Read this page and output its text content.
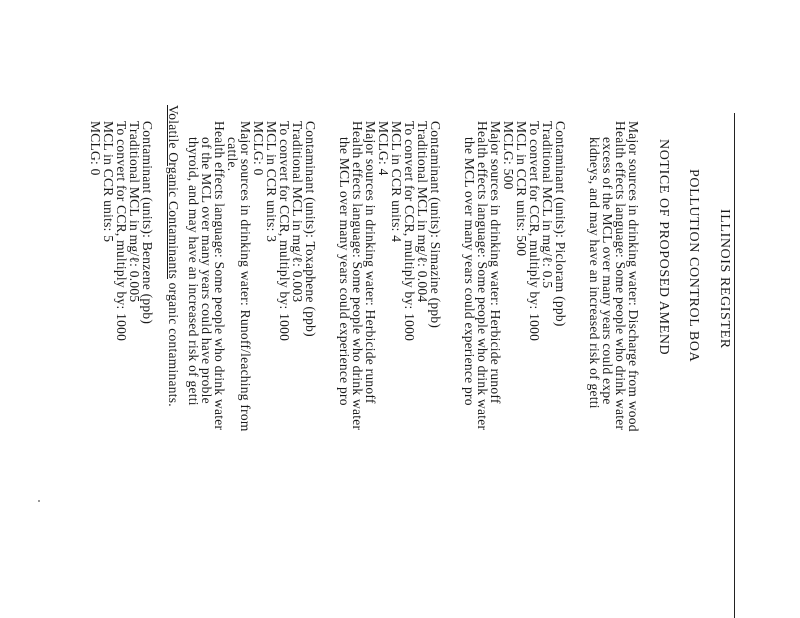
ILLINOIS REGISTER
POLLUTION CONTROL BOA
NOTICE OF PROPOSED AMEND
Major sources in drinking water: Discharge from wood
Health effects language: Some people who drink water
excess of the MCL over many years could expe
kidneys, and may have an increased risk of getti
Contaminant (units): Picloram (ppb)
Traditional MCL in mg/ℓ: 0.5
To convert for CCR, multiply by: 1000
MCL in CCR units: 500
MCLG: 500
Major sources in drinking water: Herbicide runoff
Health effects language: Some people who drink water
the MCL over many years could experience pro
Contaminant (units): Simazine (ppb)
Traditional MCL in mg/ℓ: 0.004
To convert for CCR, multiply by: 1000
MCL in CCR units: 4
MCLG: 4
Major sources in drinking water: Herbicide runoff
Health effects language: Some people who drink water
the MCL over many years could experience pro
Contaminant (units): Toxaphene (ppb)
Traditional MCL in mg/ℓ: 0.003
To convert for CCR, multiply by: 1000
MCL in CCR units: 3
MCLG: 0
Major sources in drinking water: Runoff/leaching from
cattle.
Health effects language: Some people who drink water
of the MCL over many years could have proble
thyroid, and may have an increased risk of getti
Volatile Organic Contaminants organic contaminants.
Contaminant (units): Benzene (ppb)
Traditional MCL in mg/ℓ: 0.005
To convert for CCR, multiply by: 1000
MCL in CCR units: 5
MCLG: 0
